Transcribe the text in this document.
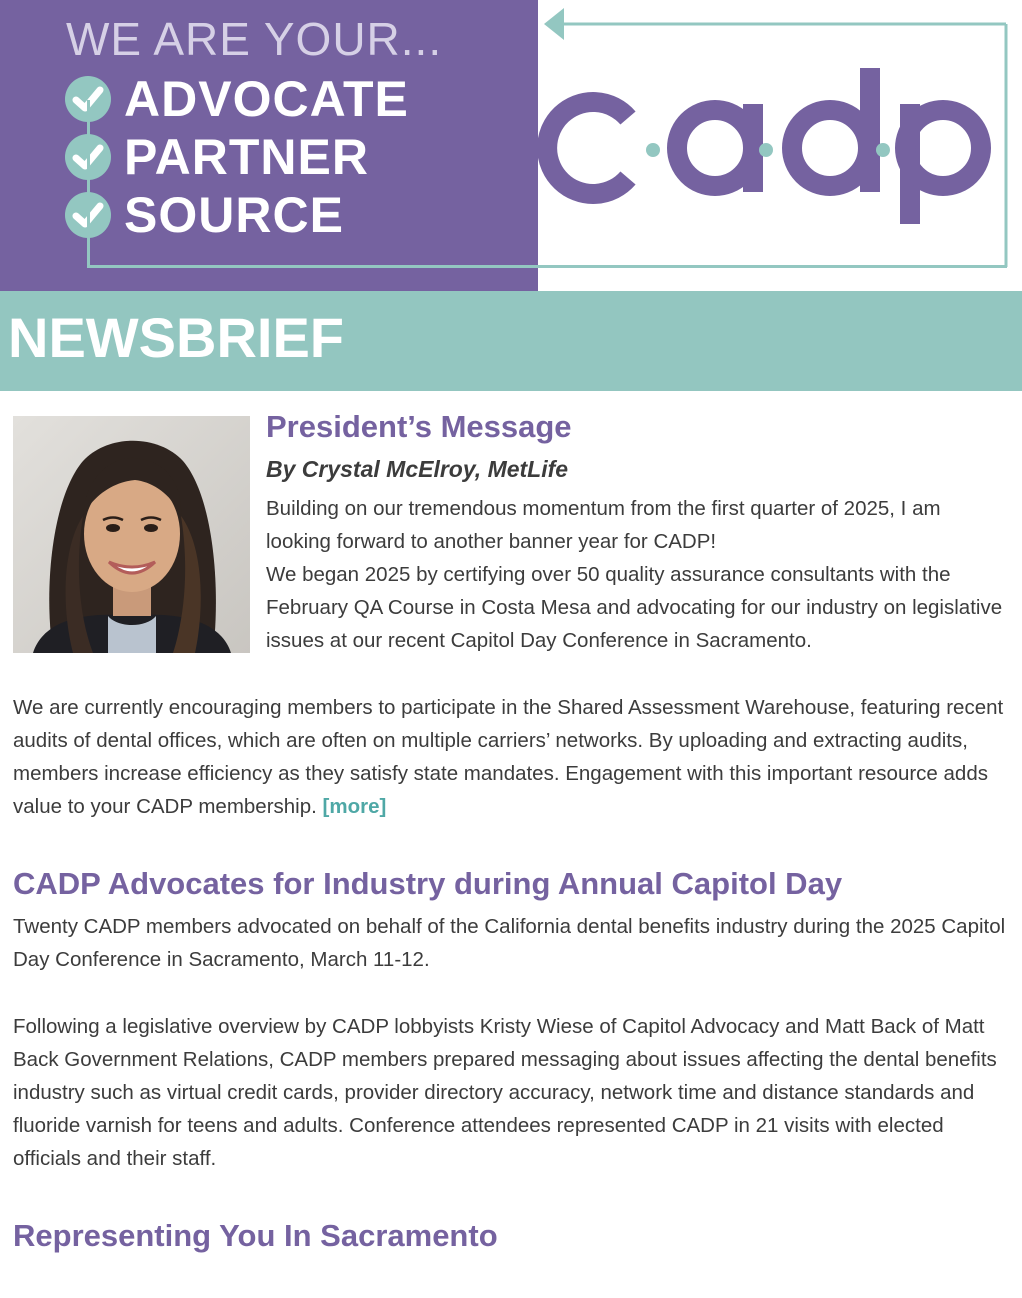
WE ARE YOUR...
ADVOCATE
PARTNER
SOURCE
NEWSBRIEF
President’s Message
By Crystal McElroy, MetLife
Building on our tremendous momentum from the first quarter of 2025, I am looking forward to another banner year for CADP!
We began 2025 by certifying over 50 quality assurance consultants with the February QA Course in Costa Mesa and advocating for our industry on legislative issues at our recent Capitol Day Conference in Sacramento.
We are currently encouraging members to participate in the Shared Assessment Warehouse, featuring recent audits of dental offices, which are often on multiple carriers’ networks. By uploading and extracting audits, members increase efficiency as they satisfy state mandates. Engagement with this important resource adds value to your CADP membership. [more]
CADP Advocates for Industry during Annual Capitol Day
Twenty CADP members advocated on behalf of the California dental benefits industry during the 2025 Capitol Day Conference in Sacramento, March 11-12.
Following a legislative overview by CADP lobbyists Kristy Wiese of Capitol Advocacy and Matt Back of Matt Back Government Relations, CADP members prepared messaging about issues affecting the dental benefits industry such as virtual credit cards, provider directory accuracy, network time and distance standards and fluoride varnish for teens and adults. Conference attendees represented CADP in 21 visits with elected officials and their staff.
Representing You In Sacramento
